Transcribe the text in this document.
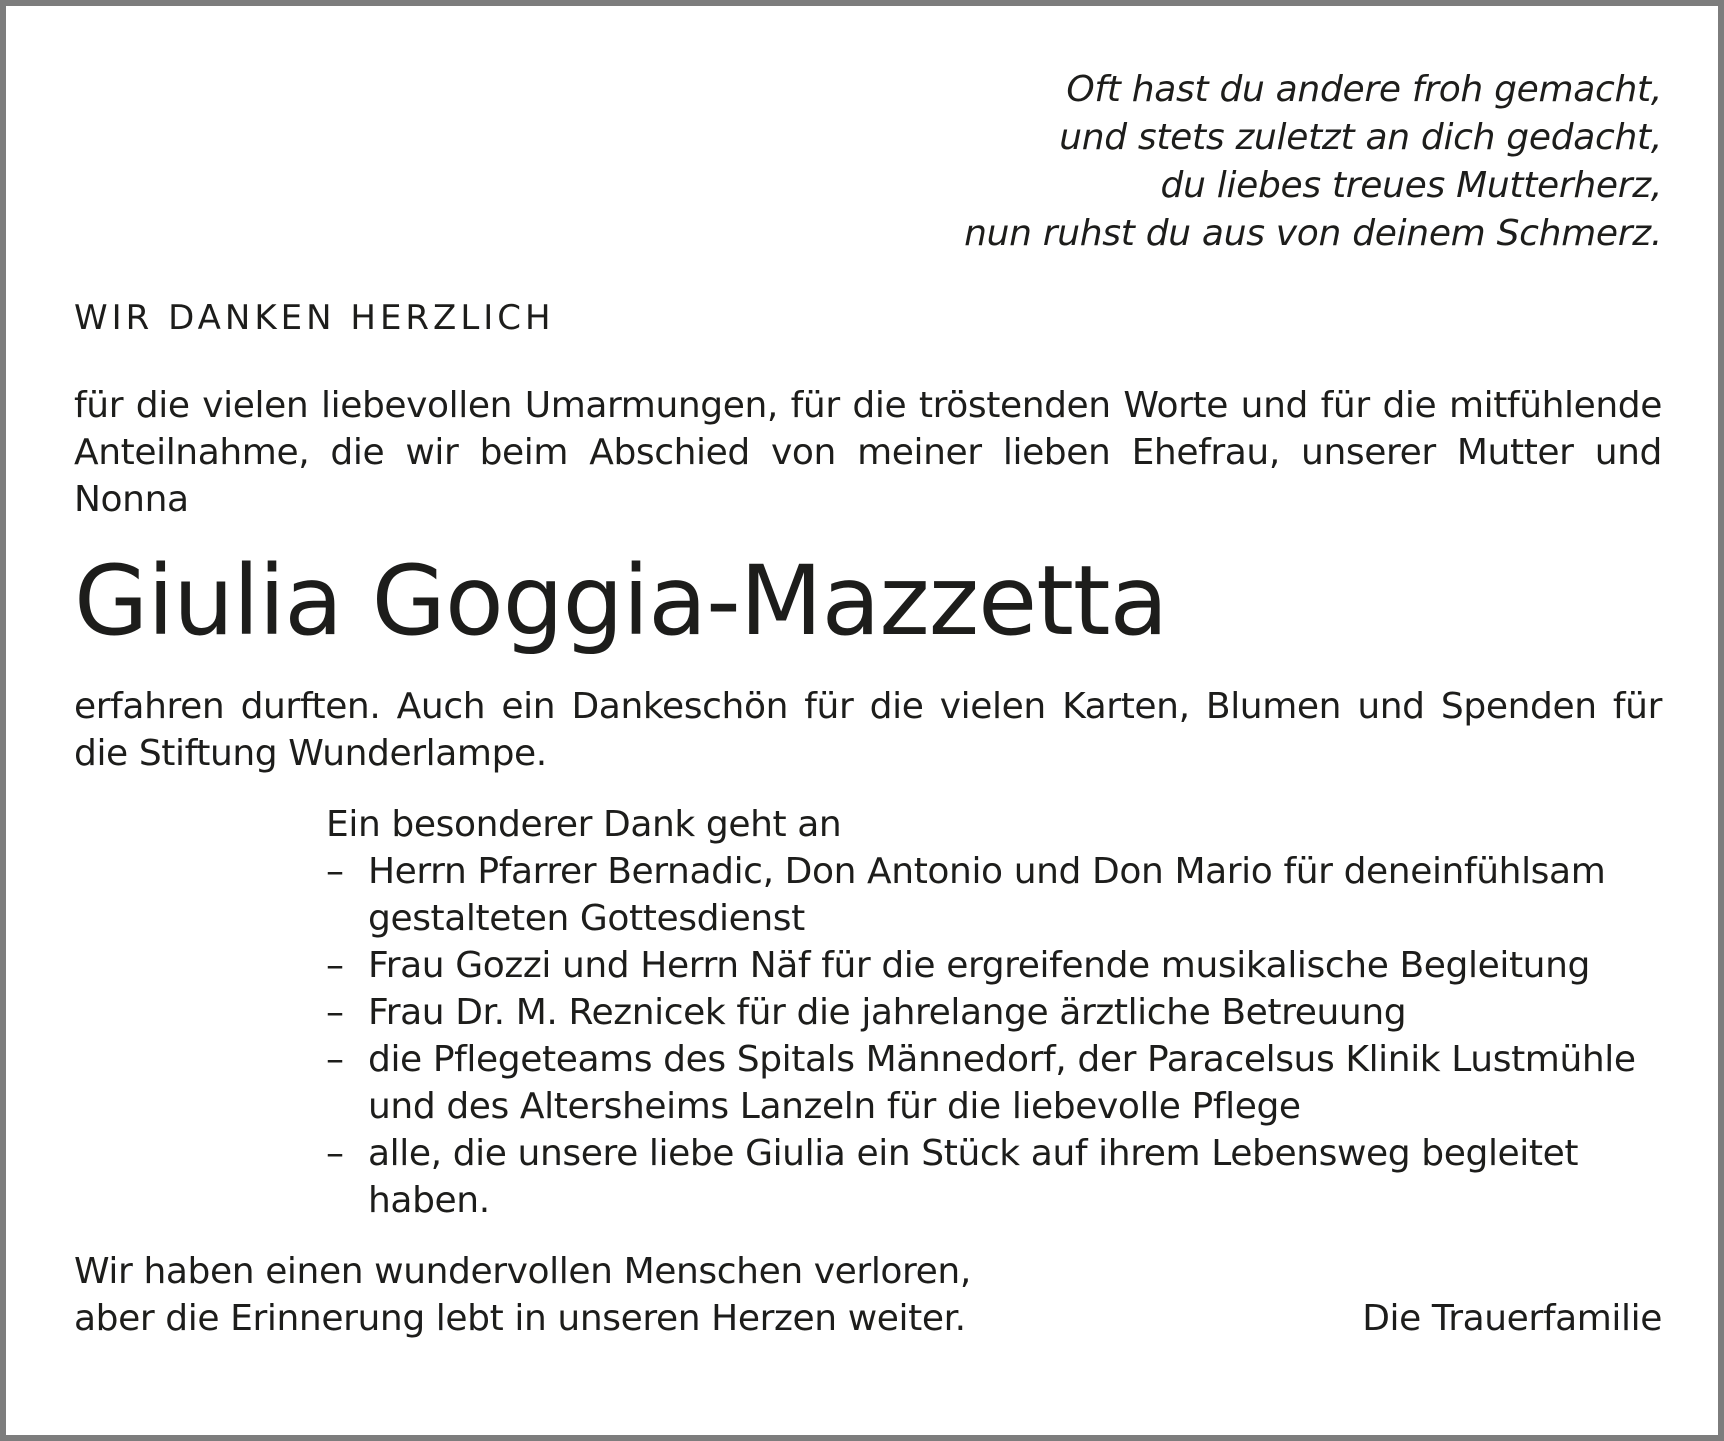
Oft hast du andere froh gemacht,
und stets zuletzt an dich gedacht,
du liebes treues Mutterherz,
nun ruhst du aus von deinem Schmerz.
WIR DANKEN HERZLICH
für die vielen liebevollen Umarmungen, für die tröstenden Worte und für die mitfühlende Anteilnahme, die wir beim Abschied von meiner lieben Ehefrau, unserer Mutter und Nonna
Giulia Goggia-Mazzetta
erfahren durften. Auch ein Dankeschön für die vielen Karten, Blumen und Spenden für die Stiftung Wunderlampe.
Ein besonderer Dank geht an
– Herrn Pfarrer Bernadic, Don Antonio und Don Mario für deneinfühlsam gestalteten Gottesdienst
– Frau Gozzi und Herrn Näf für die ergreifende musikalische Begleitung
– Frau Dr. M. Reznicek für die jahrelange ärztliche Betreuung
– die Pflegeteams des Spitals Männedorf, der Paracelsus Klinik Lustmühle und des Altersheims Lanzeln für die liebevolle Pflege
– alle, die unsere liebe Giulia ein Stück auf ihrem Lebensweg begleitet haben.
Wir haben einen wundervollen Menschen verloren,
aber die Erinnerung lebt in unseren Herzen weiter.	Die Trauerfamilie
